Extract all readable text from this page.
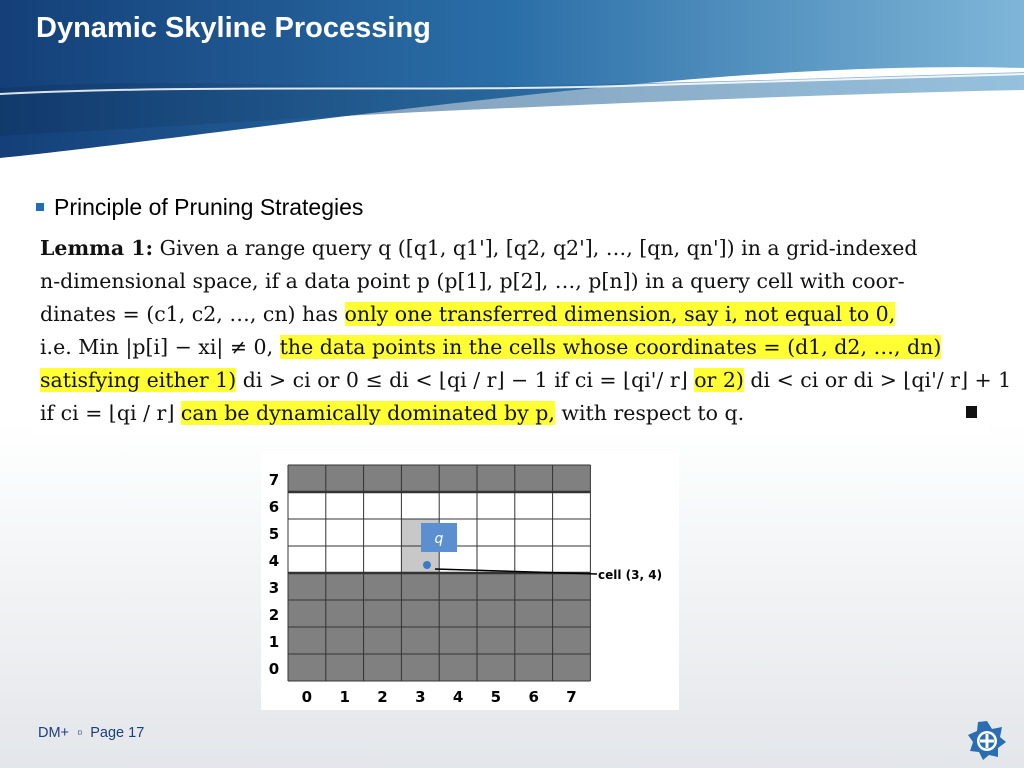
Dynamic Skyline Processing
Principle of Pruning Strategies
Lemma 1: Given a range query q ([q1, q1'], [q2, q2'], …, [qn, qn']) in a grid-indexed
n-dimensional space, if a data point p (p[1], p[2], …, p[n]) in a query cell with coor-
dinates = (c1, c2, …, cn) has only one transferred dimension, say i, not equal to 0,
i.e. Min |p[i] − xi| ≠ 0, the data points in the cells whose coordinates = (d1, d2, …, dn)
satisfying either 1) di > ci or 0 ≤ di < ⌊qi / r⌋ − 1 if ci = ⌊qi'/ r⌋ or 2) di < ci or di > ⌊qi'/ r⌋ + 1
if ci = ⌊qi / r⌋ can be dynamically dominated by p, with respect to q.
7
6
5
4
3
2
1
0
0 1 2 3 4 5 6 7
q
cell (3, 4)
DM+ ▫ Page 17
